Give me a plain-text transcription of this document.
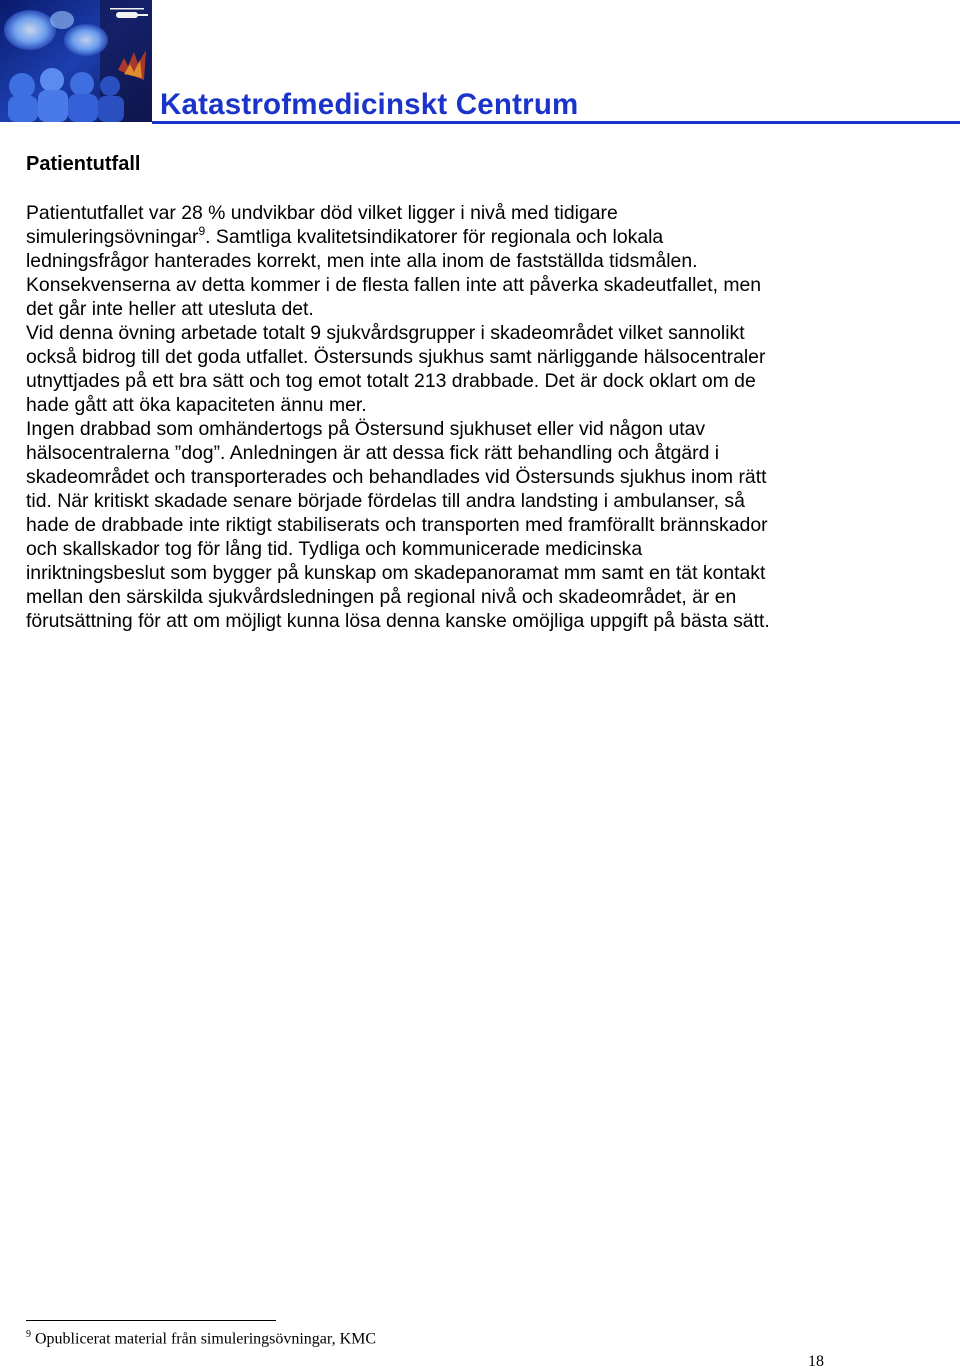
Katastrofmedicinskt Centrum
Patientutfall
Patientutfallet var 28 % undvikbar död vilket ligger i nivå med tidigare
simuleringsövningar$^9$. Samtliga kvalitetsindikatorer för regionala och lokala
ledningsfrågor hanterades korrekt, men inte alla inom de fastställda tidsmålen.
Konsekvenserna av detta kommer i de flesta fallen inte att påverka skadeutfallet, men
det går inte heller att utesluta det.
Vid denna övning arbetade totalt 9 sjukvårdsgrupper i skadeområdet vilket sannolikt
också bidrog till det goda utfallet. Östersunds sjukhus samt närliggande hälsocentraler
utnyttjades på ett bra sätt och tog emot totalt 213 drabbade. Det är dock oklart om de
hade gått att öka kapaciteten ännu mer.
Ingen drabbad som omhändertogs på Östersund sjukhuset eller vid någon utav
hälsocentralerna ”dog”. Anledningen är att dessa fick rätt behandling och åtgärd i
skadeområdet och transporterades och behandlades vid Östersunds sjukhus inom rätt
tid. När kritiskt skadade senare började fördelas till andra landsting i ambulanser, så
hade de drabbade inte riktigt stabiliserats och transporten med framförallt brännskador
och skallskador tog för lång tid. Tydliga och kommunicerade medicinska
inriktningsbeslut som bygger på kunskap om skadepanoramat mm samt en tät kontakt
mellan den särskilda sjukvårdsledningen på regional nivå och skadeområdet, är en
förutsättning för att om möjligt kunna lösa denna kanske omöjliga uppgift på bästa sätt.
$^9$ Opublicerat material från simuleringsövningar, KMC
18
